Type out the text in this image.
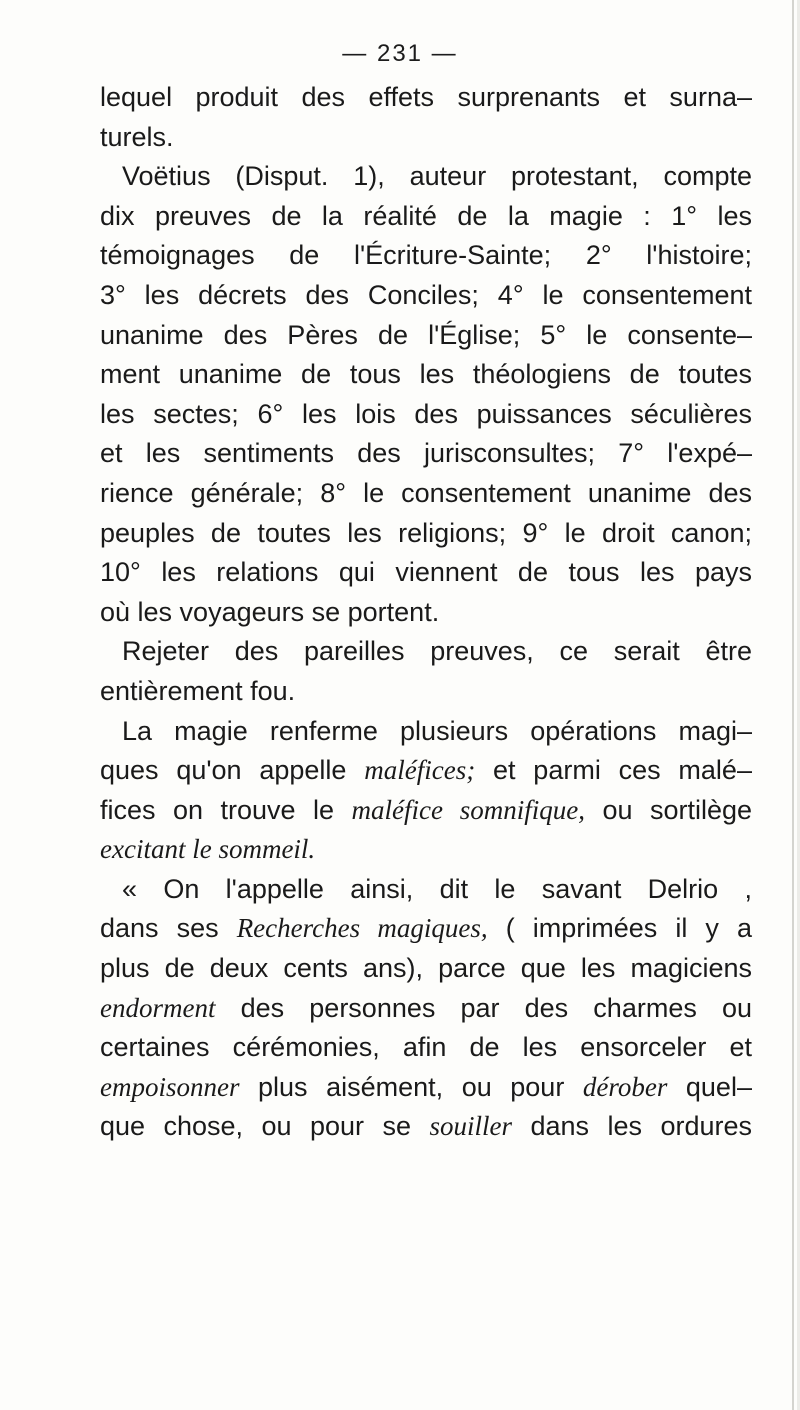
— 231 —
lequel produit des effets surprenants et surna–
turels.
Voëtius (Disput. 1), auteur protestant, compte
dix preuves de la réalité de la magie : 1° les
témoignages de l'Écriture-Sainte; 2° l'histoire;
3° les décrets des Conciles; 4° le consentement
unanime des Pères de l'Église; 5° le consente–
ment unanime de tous les théologiens de toutes
les sectes; 6° les lois des puissances séculières
et les sentiments des jurisconsultes; 7° l'expé–
rience générale; 8° le consentement unanime des
peuples de toutes les religions; 9° le droit canon;
10° les relations qui viennent de tous les pays
où les voyageurs se portent.
Rejeter des pareilles preuves, ce serait être
entièrement fou.
La magie renferme plusieurs opérations magi–
ques qu'on appelle maléfices; et parmi ces malé–
fices on trouve le maléfice somnifique, ou sortilège
excitant le sommeil.
« On l'appelle ainsi, dit le savant Delrio ,
dans ses Recherches magiques, ( imprimées il y a
plus de deux cents ans), parce que les magiciens
endorment des personnes par des charmes ou
certaines cérémonies, afin de les ensorceler et
empoisonner plus aisément, ou pour dérober quel–
que chose, ou pour se souiller dans les ordures
